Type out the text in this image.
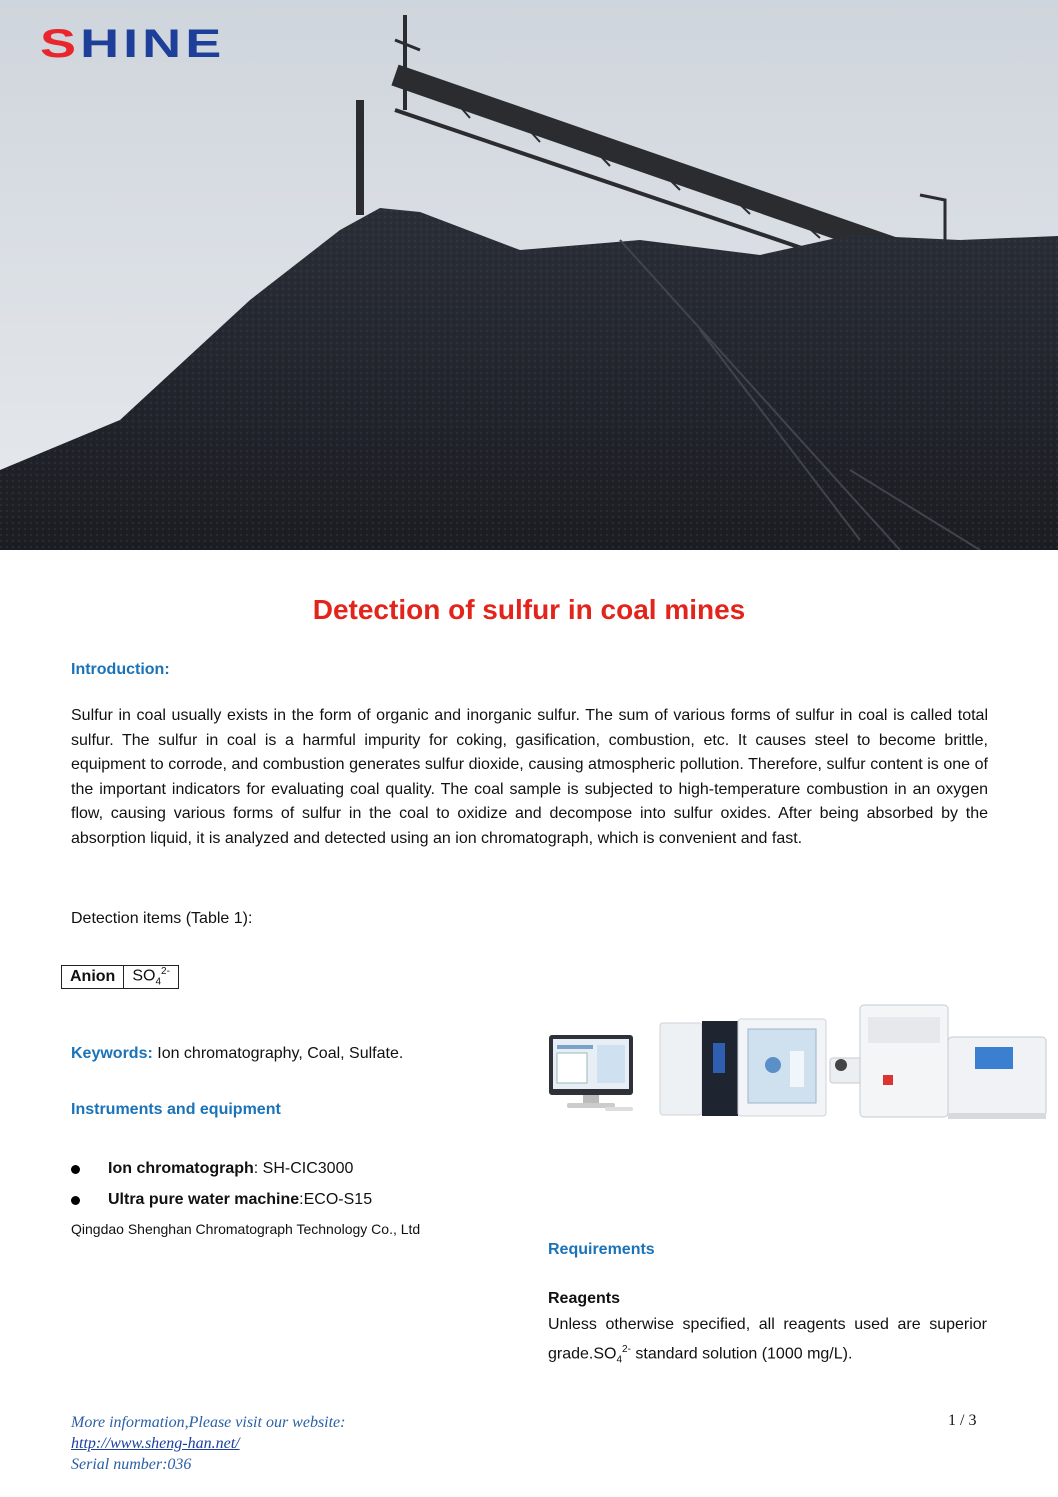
SHINE
Detection of sulfur in coal mines
Introduction:
Sulfur in coal usually exists in the form of organic and inorganic sulfur. The sum of various forms of sulfur in coal is called total sulfur. The sulfur in coal is a harmful impurity for coking, gasification, combustion, etc. It causes steel to become brittle, equipment to corrode, and combustion generates sulfur dioxide, causing atmospheric pollution. Therefore, sulfur content is one of the important indicators for evaluating coal quality. The coal sample is subjected to high-temperature combustion in an oxygen flow, causing various forms of sulfur in the coal to oxidize and decompose into sulfur oxides. After being absorbed by the absorption liquid, it is analyzed and detected using an ion chromatograph, which is convenient and fast.
Detection items (Table 1):
Anion	$SO_4^{2-}$
Keywords: Ion chromatography, Coal, Sulfate.
Instruments and equipment
Ion chromatograph: SH-CIC3000
Ultra pure water machine:ECO-S15
Qingdao Shenghan Chromatograph Technology Co., Ltd
Requirements
Reagents
Unless otherwise specified, all reagents used are superior $grade.SO_4^{2-}$ standard solution (1000 mg/L).
More information,Please visit our website:
http://www.sheng-han.net/
Serial number:036
1 / 3
